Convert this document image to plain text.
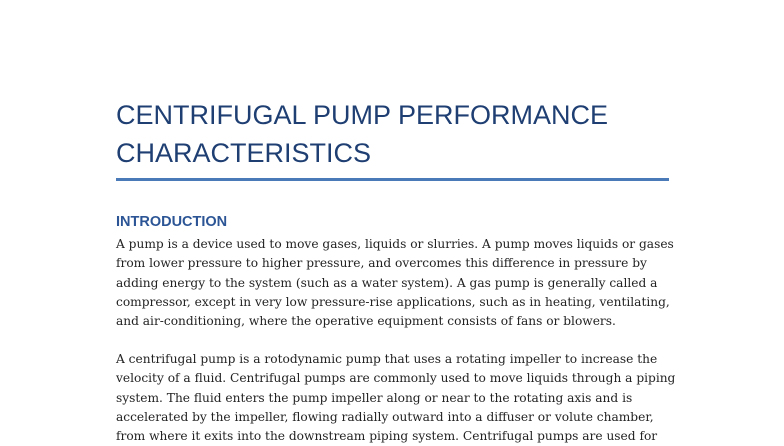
CENTRIFUGAL PUMP PERFORMANCE
CHARACTERISTICS
INTRODUCTION

A pump is a device used to move gases, liquids or slurries. A pump moves liquids or gases
from lower pressure to higher pressure, and overcomes this difference in pressure by
adding energy to the system (such as a water system). A gas pump is generally called a
compressor, except in very low pressure-rise applications, such as in heating, ventilating,
and air-conditioning, where the operative equipment consists of fans or blowers.

A centrifugal pump is a rotodynamic pump that uses a rotating impeller to increase the
velocity of a fluid. Centrifugal pumps are commonly used to move liquids through a piping
system. The fluid enters the pump impeller along or near to the rotating axis and is
accelerated by the impeller, flowing radially outward into a diffuser or volute chamber,
from where it exits into the downstream piping system. Centrifugal pumps are used for
